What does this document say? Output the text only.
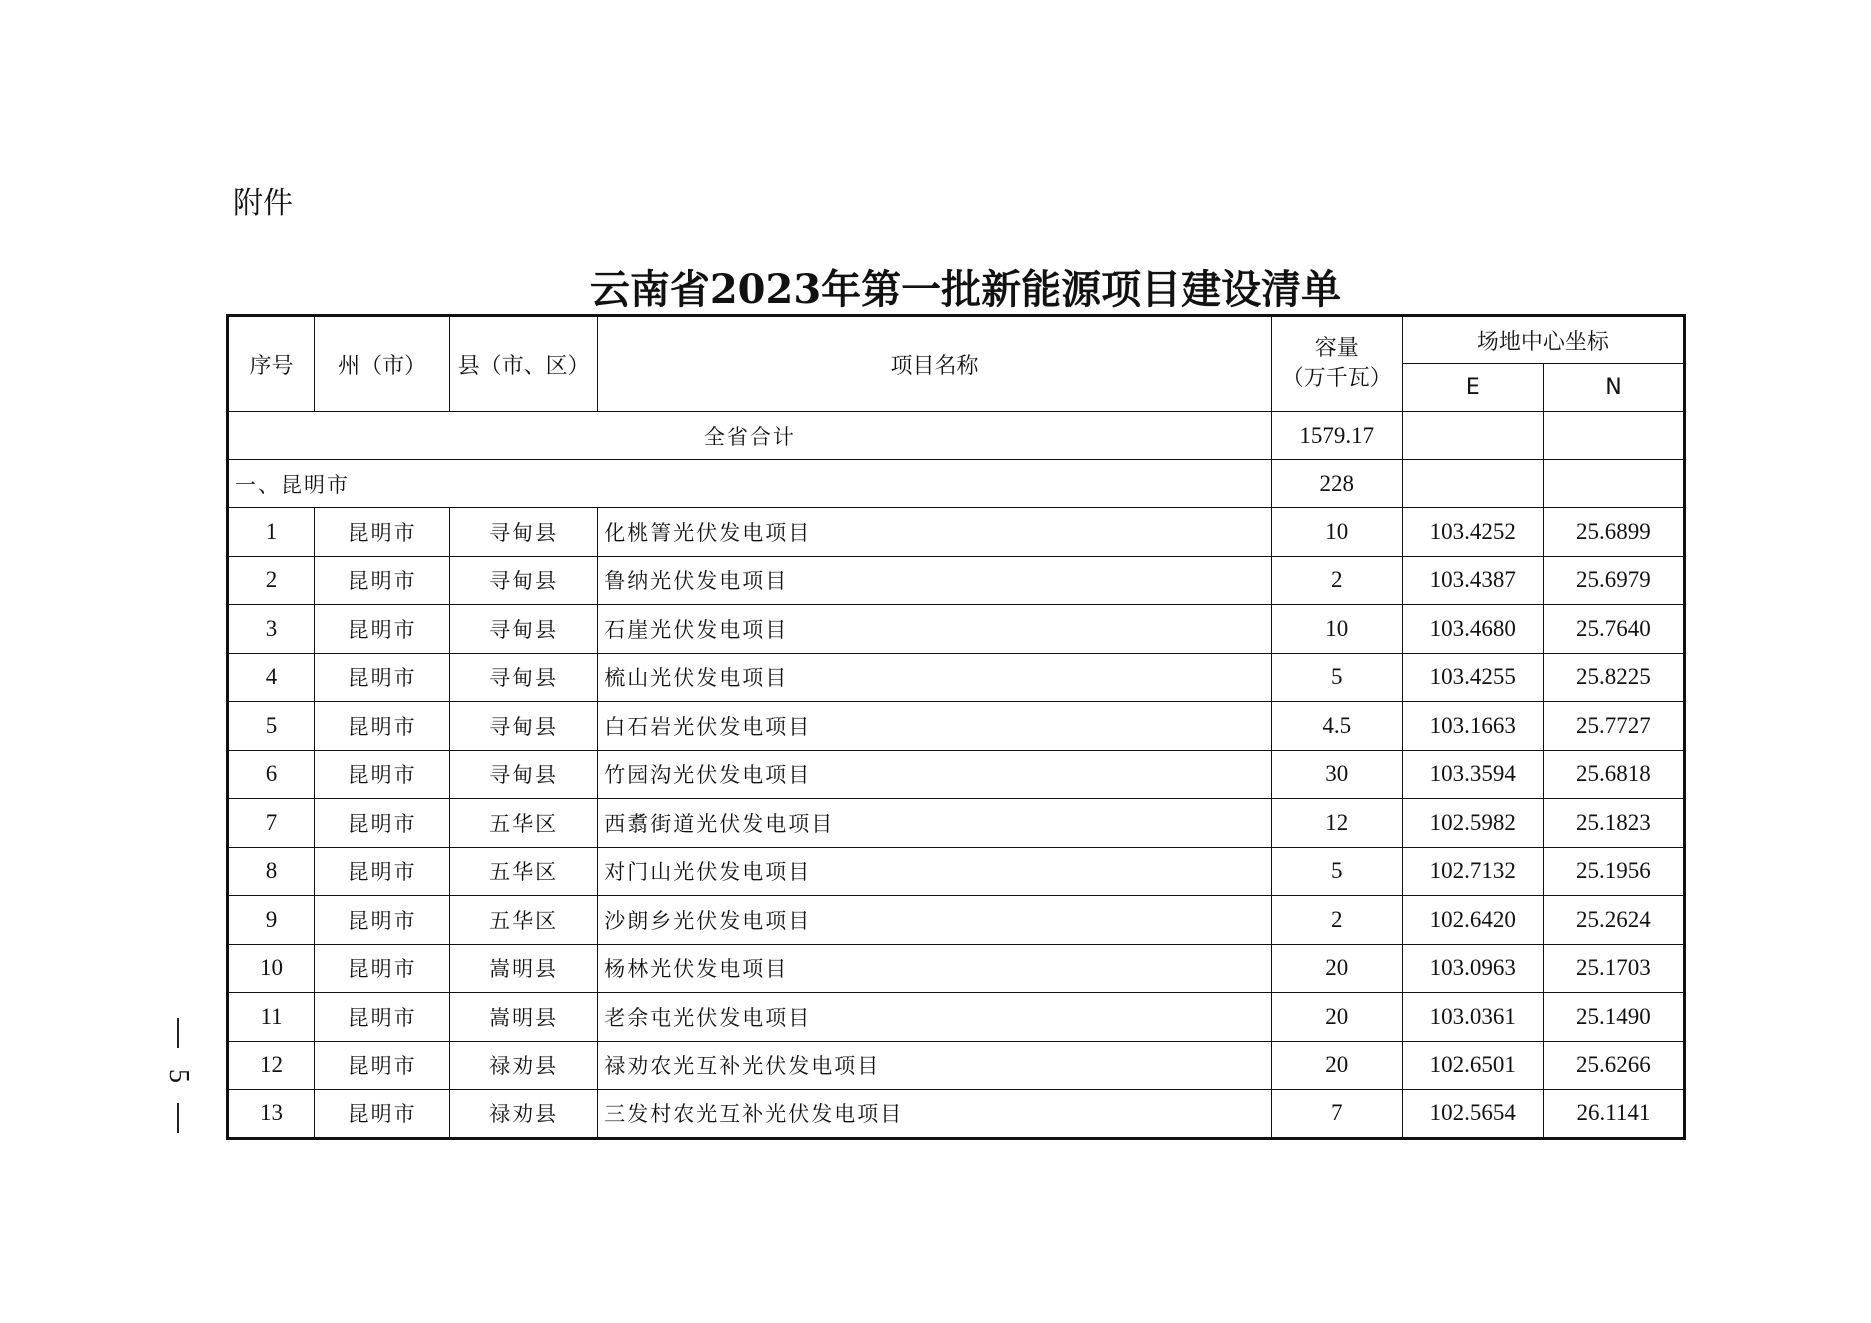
附件
云南省2023年第一批新能源项目建设清单
序号	州（市）	县（市、区）	项目名称	容量
（万千瓦）	场地中心坐标	
					E	N
全省合计				1579.17		
一、昆明市				228		
1	昆明市	寻甸县	化桃箐光伏发电项目	10	103.4252	25.6899
2	昆明市	寻甸县	鲁纳光伏发电项目	2	103.4387	25.6979
3	昆明市	寻甸县	石崖光伏发电项目	10	103.4680	25.7640
4	昆明市	寻甸县	梳山光伏发电项目	5	103.4255	25.8225
5	昆明市	寻甸县	白石岩光伏发电项目	4.5	103.1663	25.7727
6	昆明市	寻甸县	竹园沟光伏发电项目	30	103.3594	25.6818
7	昆明市	五华区	西翥街道光伏发电项目	12	102.5982	25.1823
8	昆明市	五华区	对门山光伏发电项目	5	102.7132	25.1956
9	昆明市	五华区	沙朗乡光伏发电项目	2	102.6420	25.2624
10	昆明市	嵩明县	杨林光伏发电项目	20	103.0963	25.1703
11	昆明市	嵩明县	老余屯光伏发电项目	20	103.0361	25.1490
12	昆明市	禄劝县	禄劝农光互补光伏发电项目	20	102.6501	25.6266
13	昆明市	禄劝县	三发村农光互补光伏发电项目	7	102.5654	26.1141
5
